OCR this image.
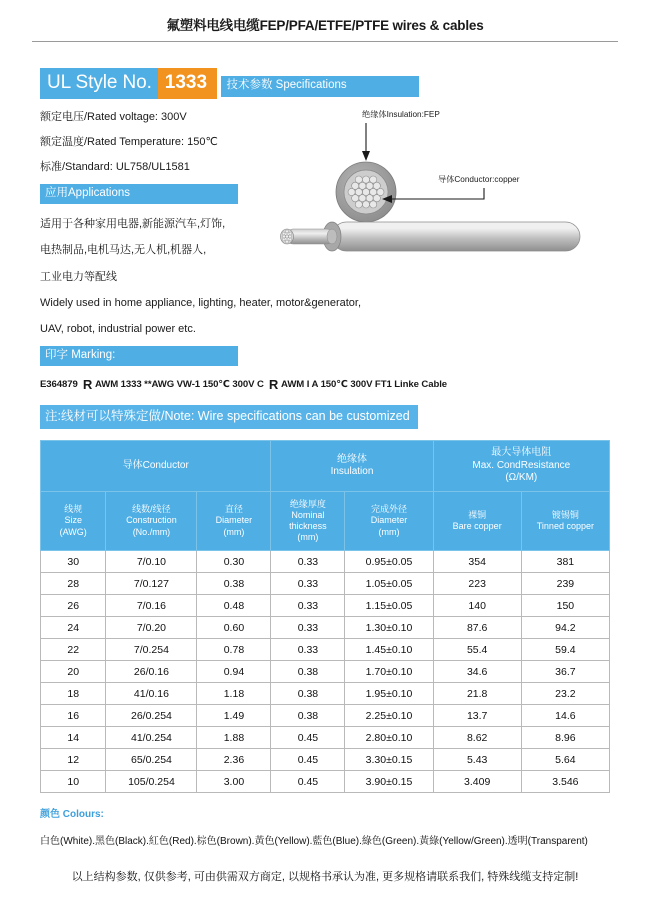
氟塑料电线电缆FEP/PFA/ETFE/PTFE wires & cables
UL Style No. 1333	技术参数 Specifications
额定电压/Rated voltage: 300V
额定温度/Rated Temperature: 150℃
标准/Standard: UL758/UL1581
应用Applications
适用于各种家用电器,新能源汽车,灯饰,
电热制品,电机马达,无人机,机器人,
工业电力等配线
Widely used in home appliance, lighting, heater, motor&generator,
UAV, robot, industrial power etc.
印字 Marking:
E364879 Я AWM 1333 **AWG VW-1 150℃ 300V C Я AWM I A 150℃ 300V FT1 Linke Cable
注:线材可以特殊定做/Note: Wire specifications can be customized
导体Conductor	
绝缘体
Insulation

最大导体电阻
Max. CondResistance
(Ω/KM)

线规
Size
(AWG)

线数/线径
Construction
(No./mm)

直径
Diameter
(mm)

绝缘厚度
Nominal
thickness
(mm)

完成外径
Diameter
(mm)

裸铜
Bare copper

镀锡铜
Tinned copper

30	7/0.10	0.30	0.33	0.95±0.05	354	381
28	7/0.127	0.38	0.33	1.05±0.05	223	239
26	7/0.16	0.48	0.33	1.15±0.05	140	150
24	7/0.20	0.60	0.33	1.30±0.10	87.6	94.2
22	7/0.254	0.78	0.33	1.45±0.10	55.4	59.4
20	26/0.16	0.94	0.38	1.70±0.10	34.6	36.7
18	41/0.16	1.18	0.38	1.95±0.10	21.8	23.2
16	26/0.254	1.49	0.38	2.25±0.10	13.7	14.6
14	41/0.254	1.88	0.45	2.80±0.10	8.62	8.96
12	65/0.254	2.36	0.45	3.30±0.15	5.43	5.64
10	105/0.254	3.00	0.45	3.90±0.15	3.409	3.546
颜色 Colours:
白色(White).黑色(Black).紅色(Red).棕色(Brown).黃色(Yellow).藍色(Blue).綠色(Green).黃綠(Yellow/Green).透明(Transparent)
绝缘体Insulation:FEP
导体Conductor:copper
以上结构参数, 仅供参考, 可由供需双方商定, 以规格书承认为准, 更多规格请联系我们, 特殊线缆支持定制!
